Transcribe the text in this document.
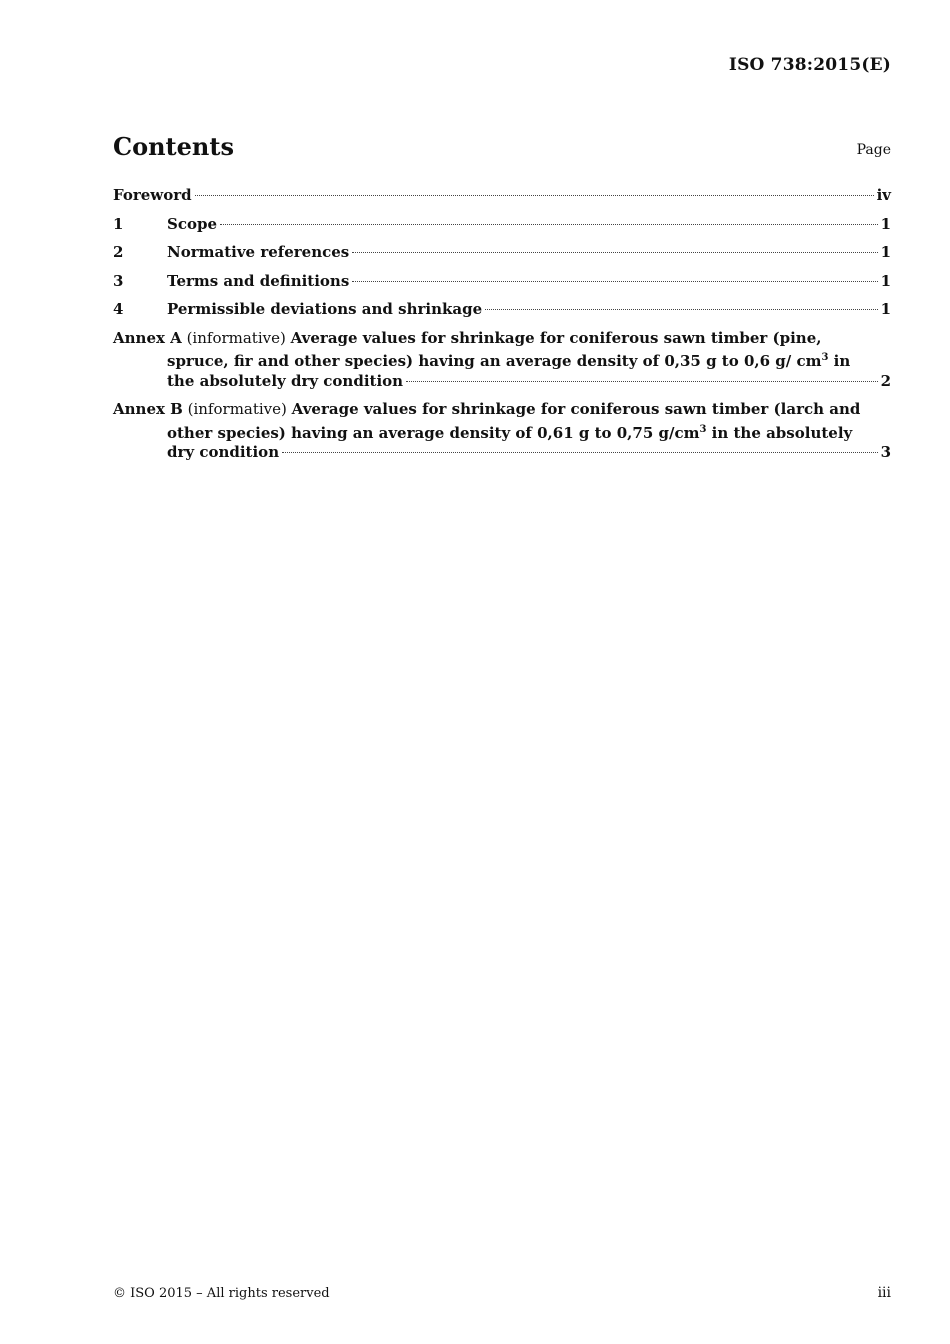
ISO 738:2015(E)
Contents	Page
Foreword	iv
1	Scope	1
2	Normative references	1
3	Terms and definitions	1
4	Permissible deviations and shrinkage	1
Annex A (informative) Average values for shrinkage for coniferous sawn timber (pine,
spruce, fir and other species) having an average density of 0,35 g to 0,6 g/ $cm^3$ in
the absolutely dry condition	2
Annex B (informative) Average values for shrinkage for coniferous sawn timber (larch and
other species) having an average density of 0,61 g to 0,75 $g/cm^3$ in the absolutely
dry condition	3
© ISO 2015 – All rights reserved	iii
